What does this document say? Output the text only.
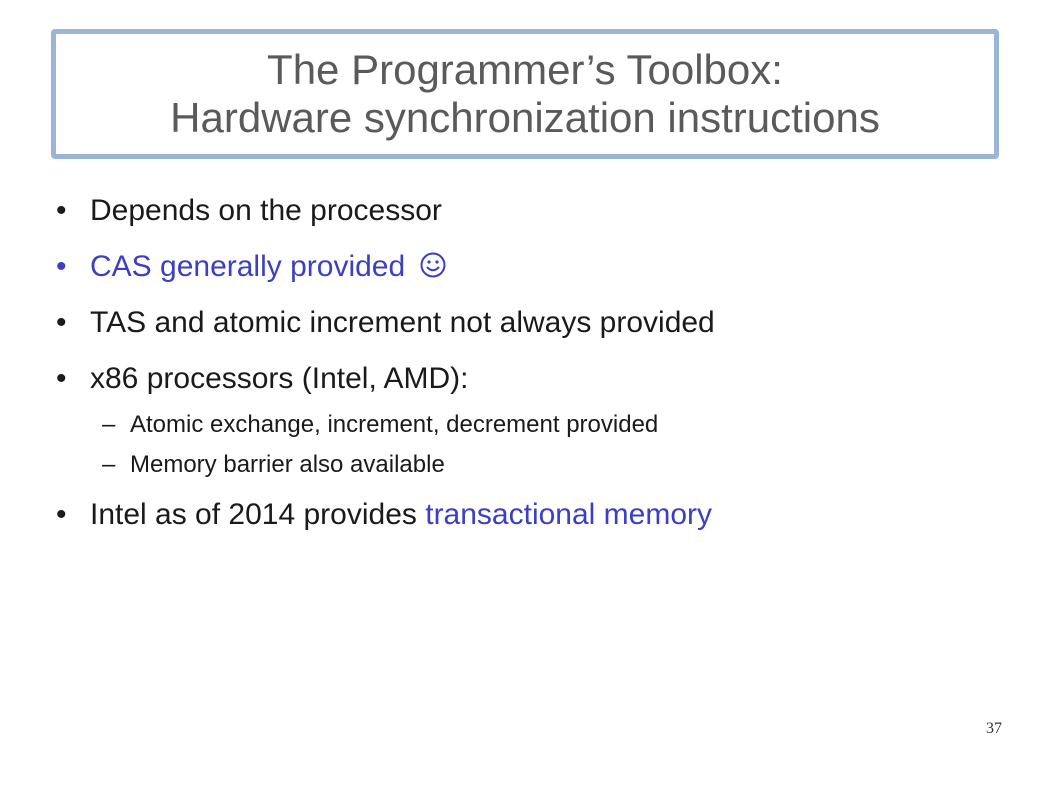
The Programmer’s Toolbox:
Hardware synchronization instructions
• Depends on the processor
• CAS generally provided
• TAS and atomic increment not always provided
• x86 processors (Intel, AMD):
– Atomic exchange, increment, decrement provided
– Memory barrier also available
• Intel as of 2014 provides transactional memory
37
